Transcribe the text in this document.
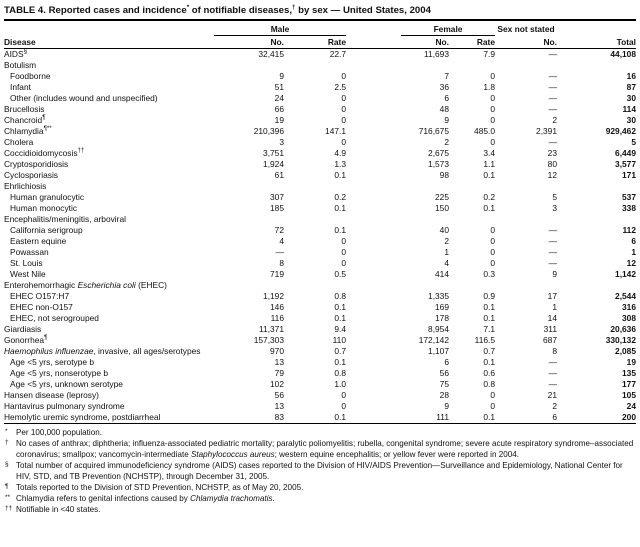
TABLE 4. Reported cases and incidence* of notifiable diseases,† by sex — United States, 2004
Disease	Male			Female		Sex not stated	Total
	No.	Rate		No.	Rate	No.	
AIDS§	32,415	22.7		11,693	7.9	—	44,108
Botulism							
Foodborne	9	0		7	0	—	16
Infant	51	2.5		36	1.8	—	87
Other (includes wound and unspecified)	24	0		6	0	—	30
Brucellosis	66	0		48	0	—	114
Chancroid¶	19	0		9	0	2	30
Chlamydia¶**	210,396	147.1		716,675	485.0	2,391	929,462
Cholera	3	0		2	0	—	5
Coccidioidomycosis††	3,751	4.9		2,675	3.4	23	6,449
Cryptosporidiosis	1,924	1.3		1,573	1.1	80	3,577
Cyclosporiasis	61	0.1		98	0.1	12	171
Ehrlichiosis							
Human granulocytic	307	0.2		225	0.2	5	537
Human monocytic	185	0.1		150	0.1	3	338
Encephalitis/meningitis, arboviral							
California serigroup	72	0.1		40	0	—	112
Eastern equine	4	0		2	0	—	6
Powassan	—	0		1	0	—	1
St. Louis	8	0		4	0	—	12
West Nile	719	0.5		414	0.3	9	1,142
Enterohemorrhagic Escherichia coli (EHEC)							
EHEC O157:H7	1,192	0.8		1,335	0.9	17	2,544
EHEC non-O157	146	0.1		169	0.1	1	316
EHEC, not serogrouped	116	0.1		178	0.1	14	308
Giardiasis	11,371	9.4		8,954	7.1	311	20,636
Gonorrhea¶	157,303	110		172,142	116.5	687	330,132
Haemophilus influenzae, invasive, all ages/serotypes	970	0.7		1,107	0.7	8	2,085
Age <5 yrs, serotype b	13	0.1		6	0.1	—	19
Age <5 yrs, nonserotype b	79	0.8		56	0.6	—	135
Age <5 yrs, unknown serotype	102	1.0		75	0.8	—	177
Hansen disease (leprosy)	56	0		28	0	21	105
Hantavirus pulmonary syndrome	13	0		9	0	2	24
Hemolytic uremic syndrome, postdiarrheal	83	0.1		111	0.1	6	200
* Per 100,000 population.
† No cases of anthrax; diphtheria; influenza-associated pediatric mortality; paralytic poliomyelitis; rubella, congenital syndrome; severe acute respiratory syndrome–associated coronavirus; smallpox; vancomycin-intermediate Staphylococcus aureus; western equine encephalitis; or yellow fever were reported in 2004.
§ Total number of acquired immunodeficiency syndrome (AIDS) cases reported to the Division of HIV/AIDS Prevention—Surveillance and Epidemiology, National Center for HIV, STD, and TB Prevention (NCHSTP), through December 31, 2005.
¶ Totals reported to the Division of STD Prevention, NCHSTP, as of May 20, 2005.
** Chlamydia refers to genital infections caused by Chlamydia trachomatis.
†† Notifiable in <40 states.
